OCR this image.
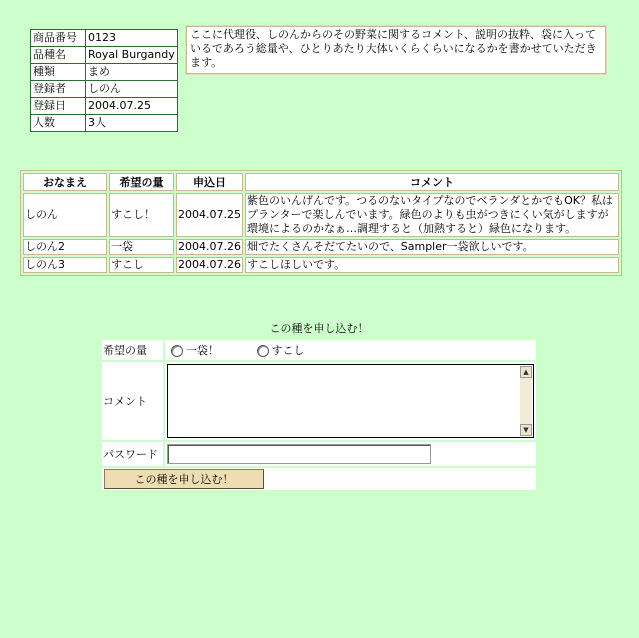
商品番号	0123
品種名	Royal Burgandy
種類	まめ
登録者	しのん
登録日	2004.07.25
人数	3人
ここに代理役、しのんからのその野菜に関するコメント、説明の抜粋、袋に入っているであろう総量や、ひとりあたり大体いくらくらいになるかを書かせていただきます。
おなまえ	希望の量	申込日	コメント
しのん	すこし！	2004.07.25	紫色のいんげんです。つるのないタイプなのでベランダとかでもOK？私はプランターで楽しんでいます。緑色のよりも虫がつきにくい気がしますが環境によるのかなぁ…調理すると（加熱すると）緑色になります。
しのん2	一袋	2004.07.26	畑でたくさんそだてたいので、Sampler一袋欲しいです。
しのん3	すこし	2004.07.26	すこしほしいです。
この種を申し込む！
希望の量	一袋！ すこし
コメント	▲
▼

パスワード	

この種を申し込む！	
